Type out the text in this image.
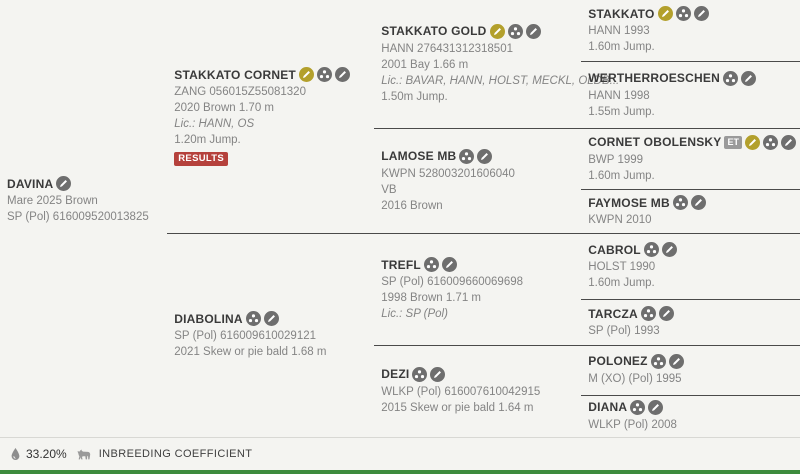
DAVINA
Mare 2025 Brown
SP (Pol) 616009520013825
STAKKATO CORNET
ZANG 056015Z55081320
2020 Brown 1.70 m
Lic.: HANN, OS
1.20m Jump.
RESULTS
STAKKATO GOLD
HANN 276431312318501
2001 Bay 1.66 m
Lic.: BAVAR, HANN, HOLST, MECKL, OLDB...
1.50m Jump.
STAKKATO
HANN 1993
1.60m Jump.
WERTHERROESCHEN
HANN 1998
1.55m Jump.
LAMOSE MB
KWPN 528003201606040
VB
2016 Brown
CORNET OBOLENSKY ET
BWP 1999
1.60m Jump.
FAYMOSE MB
KWPN 2010
DIABOLINA
SP (Pol) 616009610029121
2021 Skew or pie bald 1.68 m
TREFL
SP (Pol) 616009660069698
1998 Brown 1.71 m
Lic.: SP (Pol)
CABROL
HOLST 1990
1.60m Jump.
TARCZA
SP (Pol) 1993
DEZI
WLKP (Pol) 616007610042915
2015 Skew or pie bald 1.64 m
POLONEZ
M (XO) (Pol) 1995
DIANA
WLKP (Pol) 2008
33.20%	INBREEDING COEFFICIENT
